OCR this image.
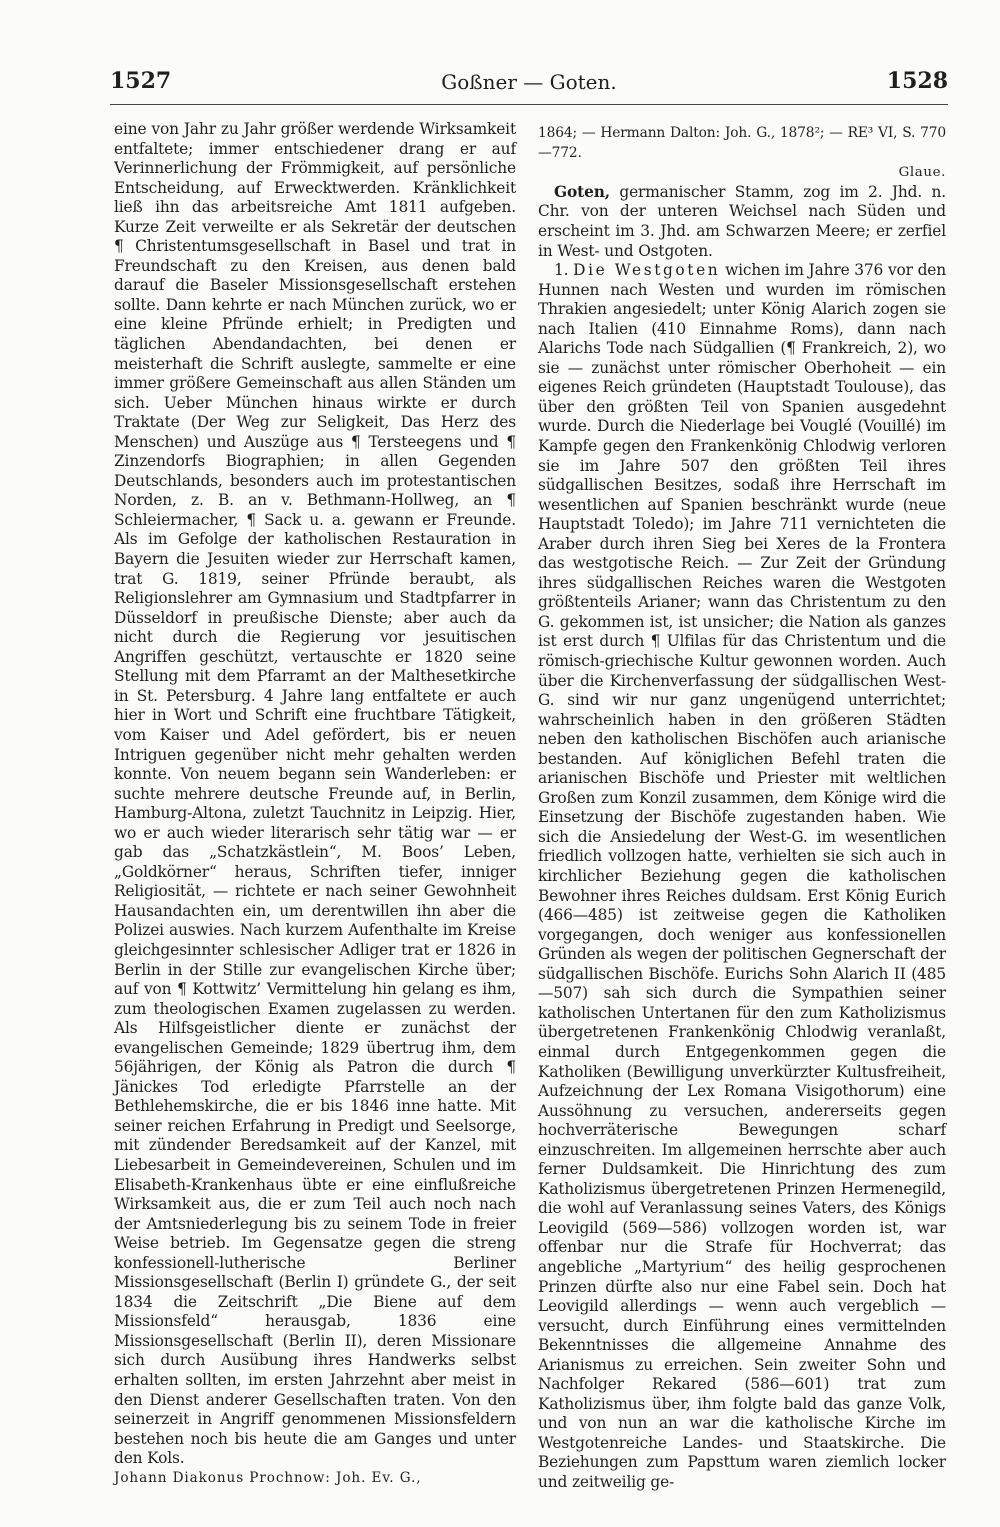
1527	Goßner — Goten.	1528

eine von Jahr zu Jahr größer werdende Wirksamkeit entfaltete; immer entschiedener drang er auf Verinnerlichung der Frömmigkeit, auf persönliche Entscheidung, auf Erwecktwerden. Kränklichkeit ließ ihn das arbeitsreiche Amt 1811 aufgeben. Kurze Zeit verweilte er als Sekretär der deutschen ¶ Christentumsgesellschaft in Basel und trat in Freundschaft zu den Kreisen, aus denen bald darauf die Baseler Missionsgesellschaft erstehen sollte. Dann kehrte er nach München zurück, wo er eine kleine Pfründe erhielt; in Predigten und täglichen Abendandachten, bei denen er meisterhaft die Schrift auslegte, sammelte er eine immer größere Gemeinschaft aus allen Ständen um sich. Ueber München hinaus wirkte er durch Traktate (Der Weg zur Seligkeit, Das Herz des Menschen) und Auszüge aus ¶ Tersteegens und ¶ Zinzendorfs Biographien; in allen Gegenden Deutschlands, besonders auch im protestantischen Norden, z. B. an v. Bethmann-Hollweg, an ¶ Schleiermacher, ¶ Sack u. a. gewann er Freunde. Als im Gefolge der katholischen Restauration in Bayern die Jesuiten wieder zur Herrschaft kamen, trat G. 1819, seiner Pfründe beraubt, als Religionslehrer am Gymnasium und Stadtpfarrer in Düsseldorf in preußische Dienste; aber auch da nicht durch die Regierung vor jesuitischen Angriffen geschützt, vertauschte er 1820 seine Stellung mit dem Pfarramt an der Malthesetkirche in St. Petersburg. 4 Jahre lang entfaltete er auch hier in Wort und Schrift eine fruchtbare Tätigkeit, vom Kaiser und Adel gefördert, bis er neuen Intriguen gegenüber nicht mehr gehalten werden konnte. Von neuem begann sein Wanderleben: er suchte mehrere deutsche Freunde auf, in Berlin, Hamburg-Altona, zuletzt Tauchnitz in Leipzig. Hier, wo er auch wieder literarisch sehr tätig war — er gab das „Schatzkästlein“, M. Boos’ Leben, „Goldkörner“ heraus, Schriften tiefer, inniger Religiosität, — richtete er nach seiner Gewohnheit Hausandachten ein, um derentwillen ihn aber die Polizei auswies. Nach kurzem Aufenthalte im Kreise gleichgesinnter schlesischer Adliger trat er 1826 in Berlin in der Stille zur evangelischen Kirche über; auf von ¶ Kottwitz’ Vermittelung hin gelang es ihm, zum theologischen Examen zugelassen zu werden. Als Hilfsgeistlicher diente er zunächst der evangelischen Gemeinde; 1829 übertrug ihm, dem 56jährigen, der König als Patron die durch ¶ Jänickes Tod erledigte Pfarrstelle an der Bethlehemskirche, die er bis 1846 inne hatte. Mit seiner reichen Erfahrung in Predigt und Seelsorge, mit zündender Beredsamkeit auf der Kanzel, mit Liebesarbeit in Gemeindevereinen, Schulen und im Elisabeth-Krankenhaus übte er eine einflußreiche Wirksamkeit aus, die er zum Teil auch noch nach der Amtsniederlegung bis zu seinem Tode in freier Weise betrieb. Im Gegensatze gegen die streng konfessionell-lutherische Berliner Missionsgesellschaft (Berlin I) gründete G., der seit 1834 die Zeitschrift „Die Biene auf dem Missionsfeld“ herausgab, 1836 eine Missionsgesellschaft (Berlin II), deren Missionare sich durch Ausübung ihres Handwerks selbst erhalten sollten, im ersten Jahrzehnt aber meist in den Dienst anderer Gesellschaften traten. Von den seinerzeit in Angriff genommenen Missionsfeldern bestehen noch bis heute die am Ganges und unter den Kols.

Johann Diakonus Prochnow: Joh. Ev. G.,

1864; — Hermann Dalton: Joh. G., 1878²; — RE³ VI, S. 770—772.

Glaue.

Goten, germanischer Stamm, zog im 2. Jhd. n. Chr. von der unteren Weichsel nach Süden und erscheint im 3. Jhd. am Schwarzen Meere; er zerfiel in West- und Ostgoten.

1. Die Westgoten wichen im Jahre 376 vor den Hunnen nach Westen und wurden im römischen Thrakien angesiedelt; unter König Alarich zogen sie nach Italien (410 Einnahme Roms), dann nach Alarichs Tode nach Südgallien (¶ Frankreich, 2), wo sie — zunächst unter römischer Oberhoheit — ein eigenes Reich gründeten (Hauptstadt Toulouse), das über den größten Teil von Spanien ausgedehnt wurde. Durch die Niederlage bei Vouglé (Vouillé) im Kampfe gegen den Frankenkönig Chlodwig verloren sie im Jahre 507 den größten Teil ihres südgallischen Besitzes, sodaß ihre Herrschaft im wesentlichen auf Spanien beschränkt wurde (neue Hauptstadt Toledo); im Jahre 711 vernichteten die Araber durch ihren Sieg bei Xeres de la Frontera das westgotische Reich. — Zur Zeit der Gründung ihres südgallischen Reiches waren die Westgoten größtenteils Arianer; wann das Christentum zu den G. gekommen ist, ist unsicher; die Nation als ganzes ist erst durch ¶ Ulfilas für das Christentum und die römisch-griechische Kultur gewonnen worden. Auch über die Kirchenverfassung der südgallischen West-G. sind wir nur ganz ungenügend unterrichtet; wahrscheinlich haben in den größeren Städten neben den katholischen Bischöfen auch arianische bestanden. Auf königlichen Befehl traten die arianischen Bischöfe und Priester mit weltlichen Großen zum Konzil zusammen, dem Könige wird die Einsetzung der Bischöfe zugestanden haben. Wie sich die Ansiedelung der West-G. im wesentlichen friedlich vollzogen hatte, verhielten sie sich auch in kirchlicher Beziehung gegen die katholischen Bewohner ihres Reiches duldsam. Erst König Eurich (466—485) ist zeitweise gegen die Katholiken vorgegangen, doch weniger aus konfessionellen Gründen als wegen der politischen Gegnerschaft der südgallischen Bischöfe. Eurichs Sohn Alarich II (485—507) sah sich durch die Sympathien seiner katholischen Untertanen für den zum Katholizismus übergetretenen Frankenkönig Chlodwig veranlaßt, einmal durch Entgegenkommen gegen die Katholiken (Bewilligung unverkürzter Kultusfreiheit, Aufzeichnung der Lex Romana Visigothorum) eine Aussöhnung zu versuchen, andererseits gegen hochverräterische Bewegungen scharf einzuschreiten. Im allgemeinen herrschte aber auch ferner Duldsamkeit. Die Hinrichtung des zum Katholizismus übergetretenen Prinzen Hermenegild, die wohl auf Veranlassung seines Vaters, des Königs Leovigild (569—586) vollzogen worden ist, war offenbar nur die Strafe für Hochverrat; das angebliche „Martyrium“ des heilig gesprochenen Prinzen dürfte also nur eine Fabel sein. Doch hat Leovigild allerdings — wenn auch vergeblich — versucht, durch Einführung eines vermittelnden Bekenntnisses die allgemeine Annahme des Arianismus zu erreichen. Sein zweiter Sohn und Nachfolger Rekared (586—601) trat zum Katholizismus über, ihm folgte bald das ganze Volk, und von nun an war die katholische Kirche im Westgotenreiche Landes- und Staatskirche. Die Beziehungen zum Papsttum waren ziemlich locker und zeitweilig ge-
